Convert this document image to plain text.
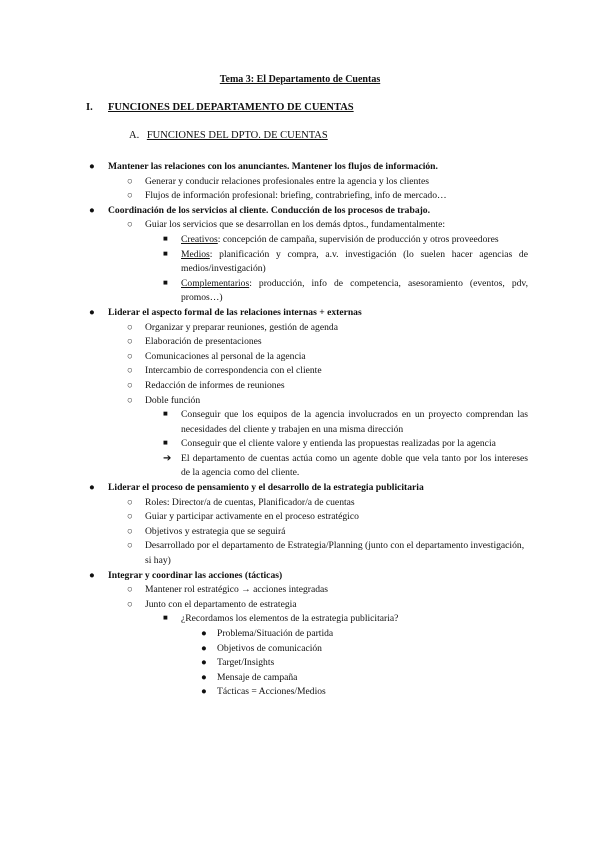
Tema 3: El Departamento de Cuentas
I. FUNCIONES DEL DEPARTAMENTO DE CUENTAS
A. FUNCIONES DEL DPTO. DE CUENTAS
● Mantener las relaciones con los anunciantes. Mantener los flujos de información.
○ Generar y conducir relaciones profesionales entre la agencia y los clientes
○ Flujos de información profesional: briefing, contrabriefing, info de mercado…
● Coordinación de los servicios al cliente. Conducción de los procesos de trabajo.
○ Guiar los servicios que se desarrollan en los demás dptos., fundamentalmente:
■ Creativos: concepción de campaña, supervisión de producción y otros proveedores
■ Medios: planificación y compra, a.v. investigación (lo suelen hacer agencias de medios/investigación)
■ Complementarios: producción, info de competencia, asesoramiento (eventos, pdv, promos…)
● Liderar el aspecto formal de las relaciones internas + externas
○ Organizar y preparar reuniones, gestión de agenda
○ Elaboración de presentaciones
○ Comunicaciones al personal de la agencia
○ Intercambio de correspondencia con el cliente
○ Redacción de informes de reuniones
○ Doble función
■ Conseguir que los equipos de la agencia involucrados en un proyecto comprendan las necesidades del cliente y trabajen en una misma dirección
■ Conseguir que el cliente valore y entienda las propuestas realizadas por la agencia
➔ El departamento de cuentas actúa como un agente doble que vela tanto por los intereses de la agencia como del cliente.
● Liderar el proceso de pensamiento y el desarrollo de la estrategia publicitaria
○ Roles: Director/a de cuentas, Planificador/a de cuentas
○ Guiar y participar activamente en el proceso estratégico
○ Objetivos y estrategia que se seguirá
○ Desarrollado por el departamento de Estrategia/Planning (junto con el departamento investigación, si hay)
● Integrar y coordinar las acciones (tácticas)
○ Mantener rol estratégico → acciones integradas
○ Junto con el departamento de estrategia
■ ¿Recordamos los elementos de la estrategia publicitaria?
● Problema/Situación de partida
● Objetivos de comunicación
● Target/Insights
● Mensaje de campaña
● Tácticas = Acciones/Medios
